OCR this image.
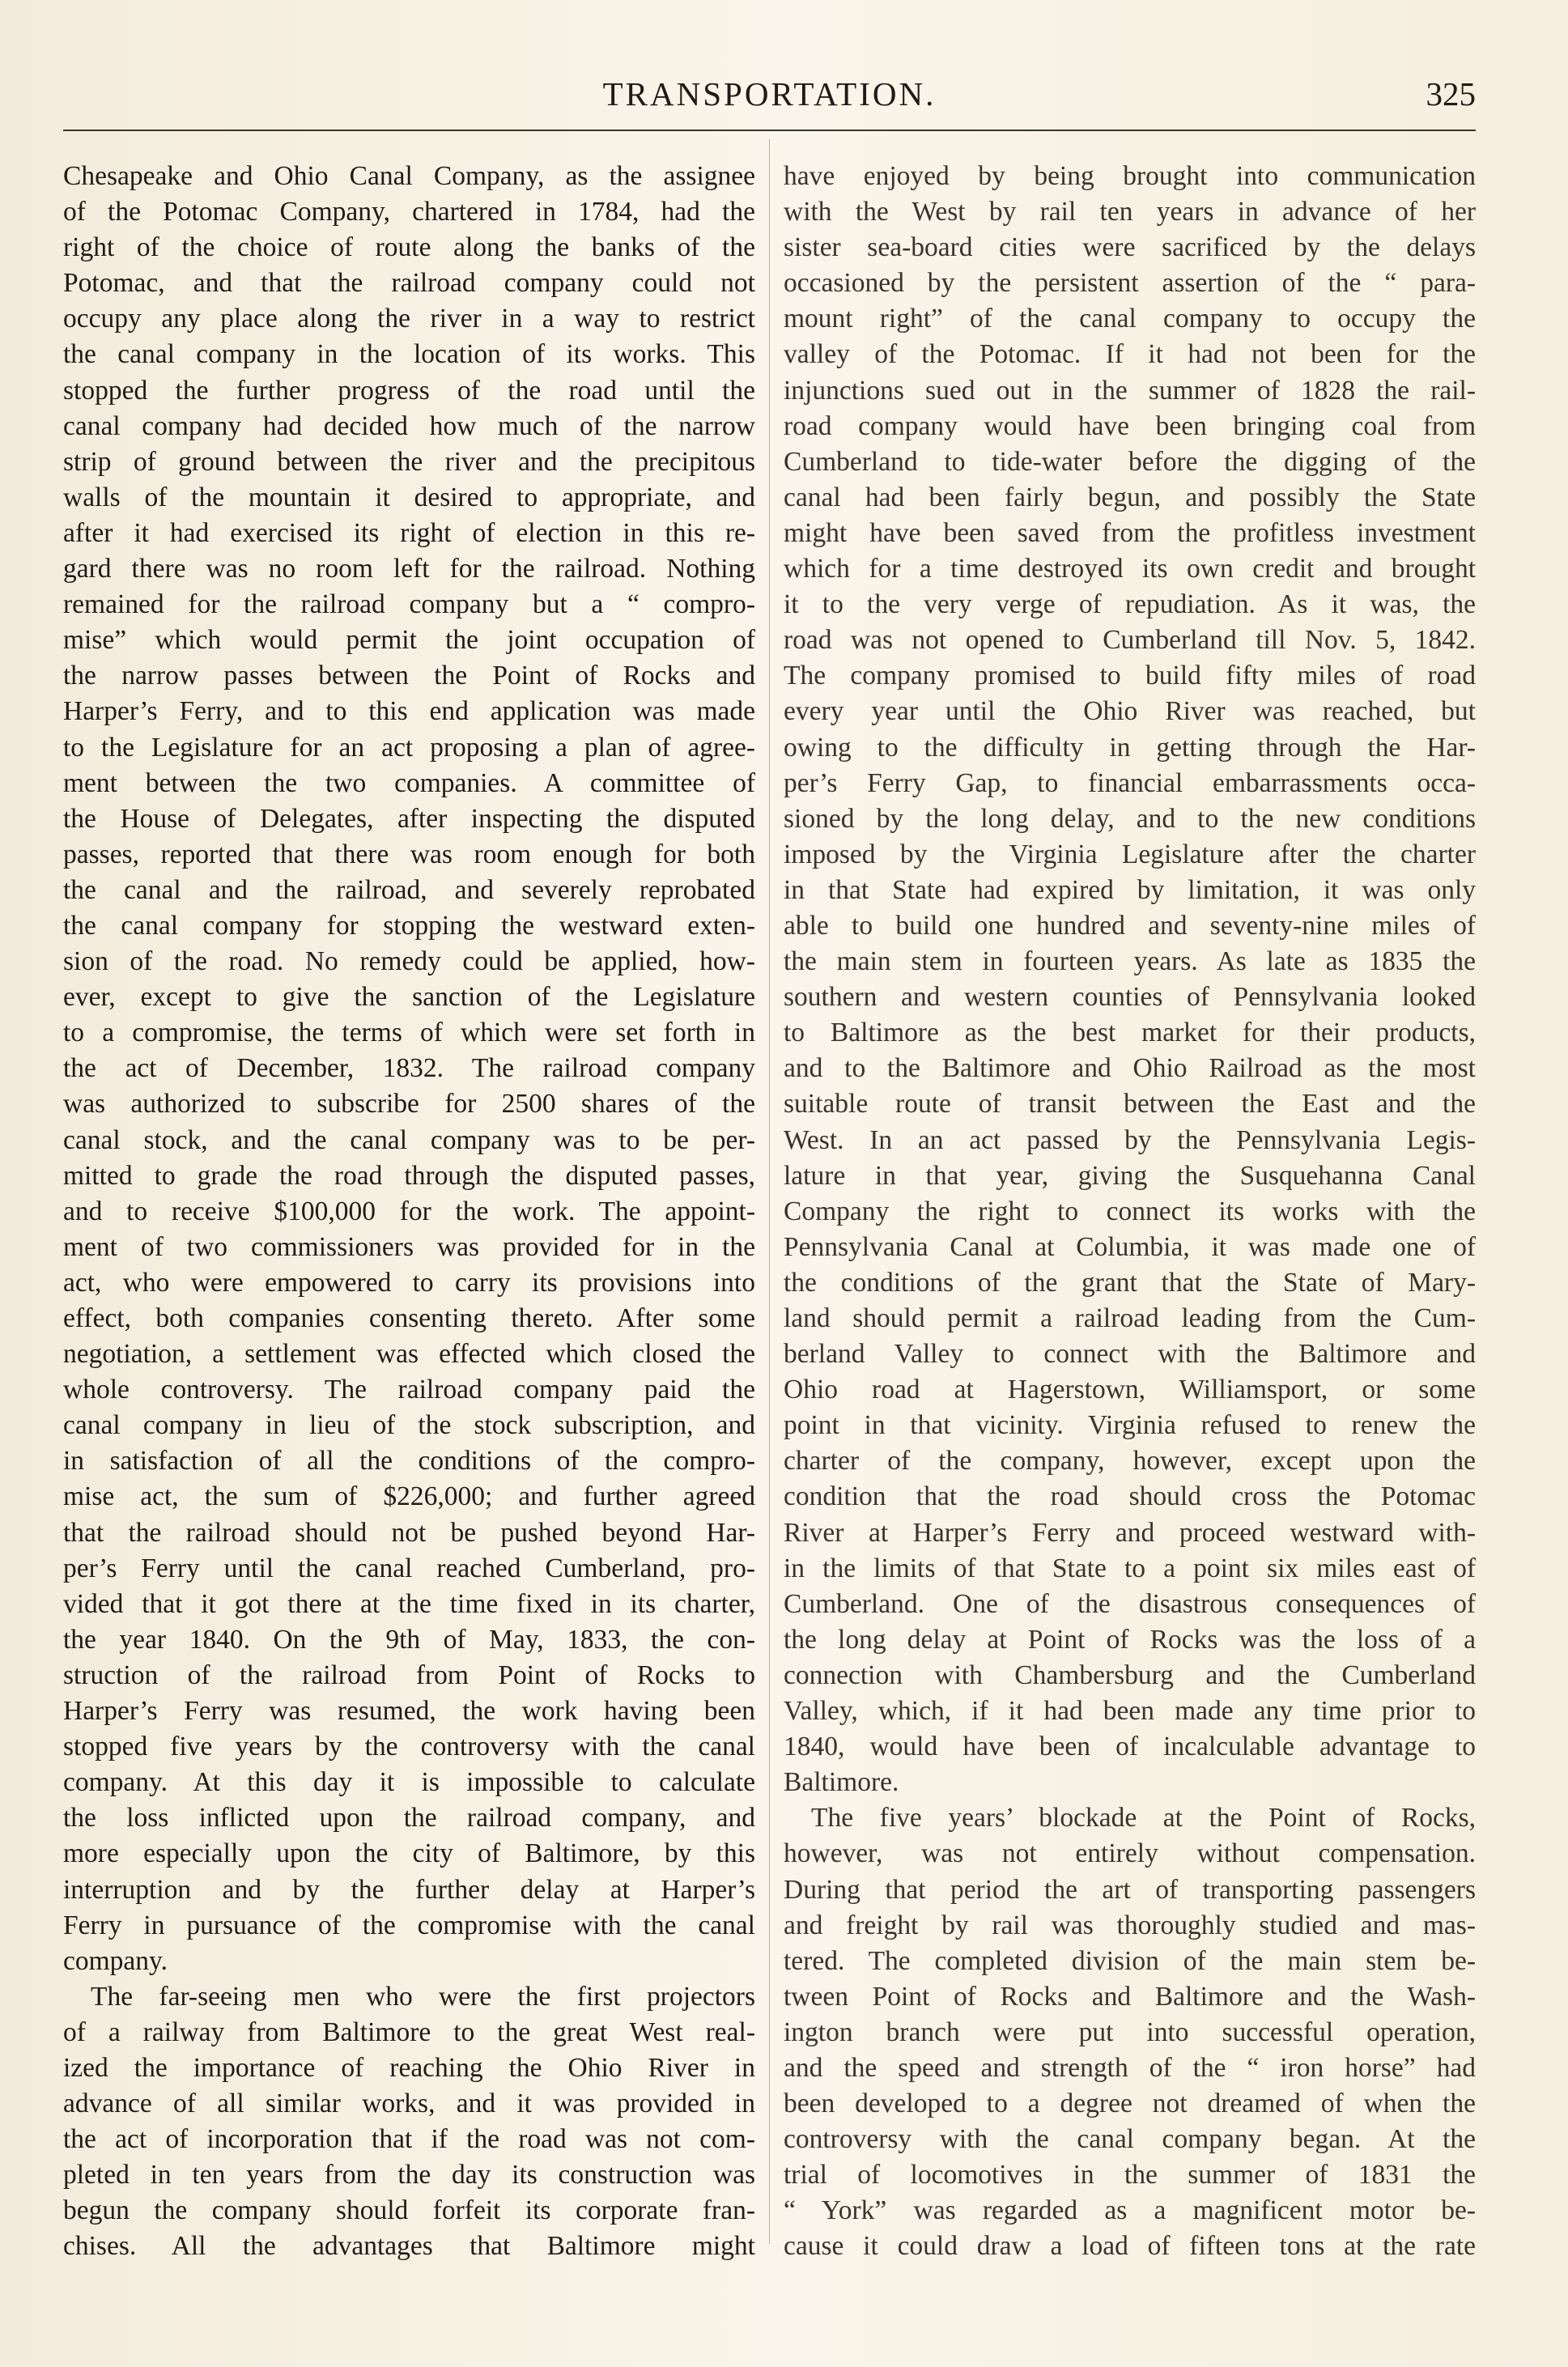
TRANSPORTATION.	325
Chesapeake and Ohio Canal Company, as the assignee
of the Potomac Company, chartered in 1784, had the
right of the choice of route along the banks of the
Potomac, and that the railroad company could not
occupy any place along the river in a way to restrict
the canal company in the location of its works. This
stopped the further progress of the road until the
canal company had decided how much of the narrow
strip of ground between the river and the precipitous
walls of the mountain it desired to appropriate, and
after it had exercised its right of election in this re-
gard there was no room left for the railroad. Nothing
remained for the railroad company but a “ compro-
mise” which would permit the joint occupation of
the narrow passes between the Point of Rocks and
Harper’s Ferry, and to this end application was made
to the Legislature for an act proposing a plan of agree-
ment between the two companies. A committee of
the House of Delegates, after inspecting the disputed
passes, reported that there was room enough for both
the canal and the railroad, and severely reprobated
the canal company for stopping the westward exten-
sion of the road. No remedy could be applied, how-
ever, except to give the sanction of the Legislature
to a compromise, the terms of which were set forth in
the act of December, 1832. The railroad company
was authorized to subscribe for 2500 shares of the
canal stock, and the canal company was to be per-
mitted to grade the road through the disputed passes,
and to receive $100,000 for the work. The appoint-
ment of two commissioners was provided for in the
act, who were empowered to carry its provisions into
effect, both companies consenting thereto. After some
negotiation, a settlement was effected which closed the
whole controversy. The railroad company paid the
canal company in lieu of the stock subscription, and
in satisfaction of all the conditions of the compro-
mise act, the sum of $226,000; and further agreed
that the railroad should not be pushed beyond Har-
per’s Ferry until the canal reached Cumberland, pro-
vided that it got there at the time fixed in its charter,
the year 1840. On the 9th of May, 1833, the con-
struction of the railroad from Point of Rocks to
Harper’s Ferry was resumed, the work having been
stopped five years by the controversy with the canal
company. At this day it is impossible to calculate
the loss inflicted upon the railroad company, and
more especially upon the city of Baltimore, by this
interruption and by the further delay at Harper’s
Ferry in pursuance of the compromise with the canal
company.
The far-seeing men who were the first projectors
of a railway from Baltimore to the great West real-
ized the importance of reaching the Ohio River in
advance of all similar works, and it was provided in
the act of incorporation that if the road was not com-
pleted in ten years from the day its construction was
begun the company should forfeit its corporate fran-
chises. All the advantages that Baltimore might
have enjoyed by being brought into communication
with the West by rail ten years in advance of her
sister sea-board cities were sacrificed by the delays
occasioned by the persistent assertion of the “ para-
mount right” of the canal company to occupy the
valley of the Potomac. If it had not been for the
injunctions sued out in the summer of 1828 the rail-
road company would have been bringing coal from
Cumberland to tide-water before the digging of the
canal had been fairly begun, and possibly the State
might have been saved from the profitless investment
which for a time destroyed its own credit and brought
it to the very verge of repudiation. As it was, the
road was not opened to Cumberland till Nov. 5, 1842.
The company promised to build fifty miles of road
every year until the Ohio River was reached, but
owing to the difficulty in getting through the Har-
per’s Ferry Gap, to financial embarrassments occa-
sioned by the long delay, and to the new conditions
imposed by the Virginia Legislature after the charter
in that State had expired by limitation, it was only
able to build one hundred and seventy-nine miles of
the main stem in fourteen years. As late as 1835 the
southern and western counties of Pennsylvania looked
to Baltimore as the best market for their products,
and to the Baltimore and Ohio Railroad as the most
suitable route of transit between the East and the
West. In an act passed by the Pennsylvania Legis-
lature in that year, giving the Susquehanna Canal
Company the right to connect its works with the
Pennsylvania Canal at Columbia, it was made one of
the conditions of the grant that the State of Mary-
land should permit a railroad leading from the Cum-
berland Valley to connect with the Baltimore and
Ohio road at Hagerstown, Williamsport, or some
point in that vicinity. Virginia refused to renew the
charter of the company, however, except upon the
condition that the road should cross the Potomac
River at Harper’s Ferry and proceed westward with-
in the limits of that State to a point six miles east of
Cumberland. One of the disastrous consequences of
the long delay at Point of Rocks was the loss of a
connection with Chambersburg and the Cumberland
Valley, which, if it had been made any time prior to
1840, would have been of incalculable advantage to
Baltimore.
The five years’ blockade at the Point of Rocks,
however, was not entirely without compensation.
During that period the art of transporting passengers
and freight by rail was thoroughly studied and mas-
tered. The completed division of the main stem be-
tween Point of Rocks and Baltimore and the Wash-
ington branch were put into successful operation,
and the speed and strength of the “ iron horse” had
been developed to a degree not dreamed of when the
controversy with the canal company began. At the
trial of locomotives in the summer of 1831 the
“ York” was regarded as a magnificent motor be-
cause it could draw a load of fifteen tons at the rate
